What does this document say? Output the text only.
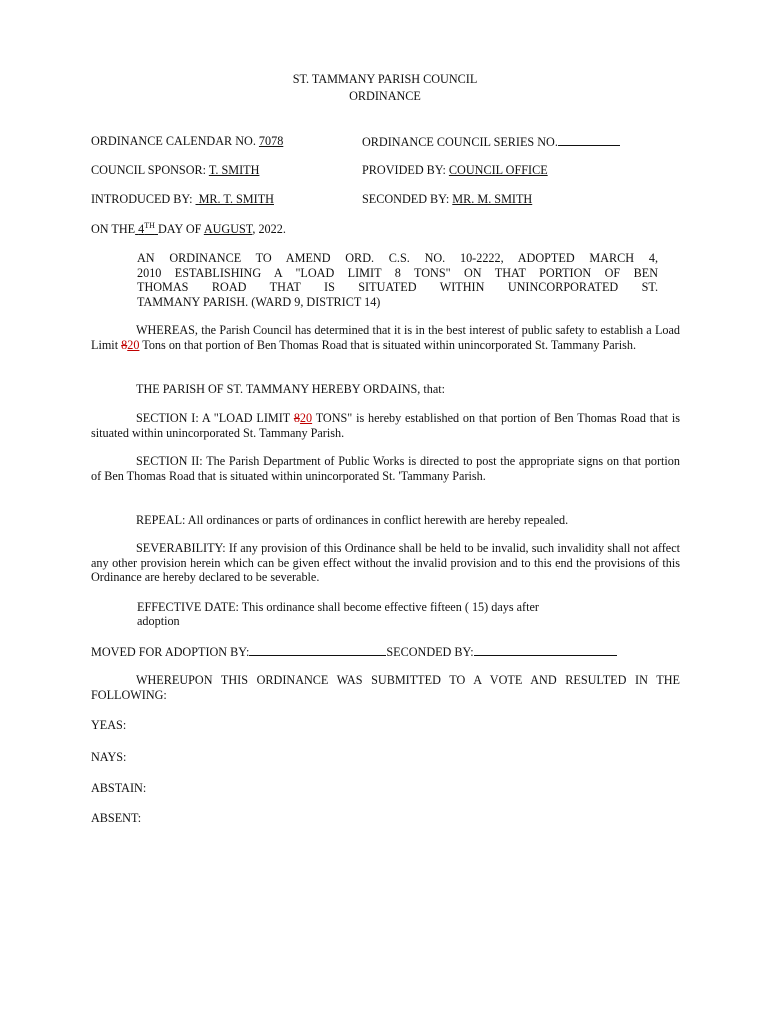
ST. TAMMANY PARISH COUNCIL
ORDINANCE
ORDINANCE CALENDAR NO. 7078	ORDINANCE COUNCIL SERIES NO.
COUNCIL SPONSOR: T. SMITH	PROVIDED BY: COUNCIL OFFICE
INTRODUCED BY: MR. T. SMITH	SECONDED BY: MR. M. SMITH
ON THE 4TH DAY OF AUGUST, 2022.
AN ORDINANCE TO AMEND ORD. C.S. NO. 10-2222, ADOPTED MARCH 4,
2010 ESTABLISHING A "LOAD LIMIT 8 TONS" ON THAT PORTION OF BEN
THOMAS ROAD THAT IS SITUATED WITHIN UNINCORPORATED ST.
TAMMANY PARISH. (WARD 9, DISTRICT 14)
WHEREAS, the Parish Council has determined that it is in the best interest of public safety to establish a Load Limit 820 Tons on that portion of Ben Thomas Road that is situated within unincorporated St. Tammany Parish.
THE PARISH OF ST. TAMMANY HEREBY ORDAINS, that:
SECTION I: A "LOAD LIMIT 820 TONS" is hereby established on that portion of Ben Thomas Road that is situated within unincorporated St. Tammany Parish.
SECTION II: The Parish Department of Public Works is directed to post the appropriate signs on that portion of Ben Thomas Road that is situated within unincorporated St. 'Tammany Parish.
REPEAL: All ordinances or parts of ordinances in conflict herewith are hereby repealed.
SEVERABILITY: If any provision of this Ordinance shall be held to be invalid, such invalidity shall not affect any other provision herein which can be given effect without the invalid provision and to this end the provisions of this Ordinance are hereby declared to be severable.
EFFECTIVE DATE: This ordinance shall become effective fifteen ( 15) days after
adoption
MOVED FOR ADOPTION BY:	SECONDED BY:
WHEREUPON THIS ORDINANCE WAS SUBMITTED TO A VOTE AND RESULTED IN THE FOLLOWING:
YEAS:
NAYS:
ABSTAIN:
ABSENT:
